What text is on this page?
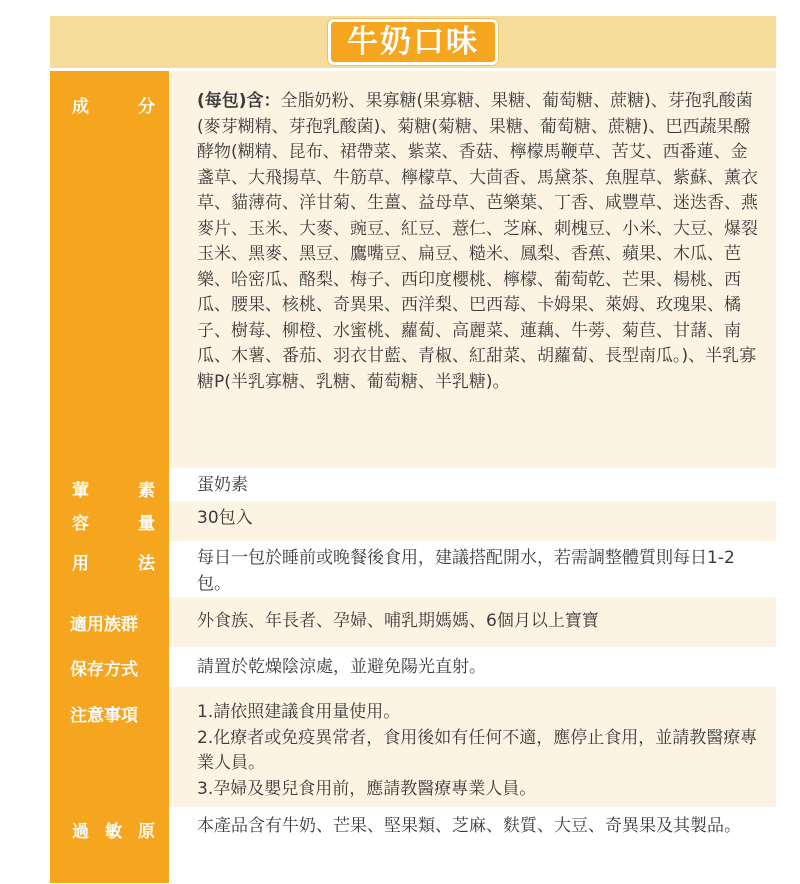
牛奶口味
成 分	(每包)含：全脂奶粉、果寡糖(果寡糖、果糖、葡萄糖、蔗糖)、芽孢乳酸菌(麥芽糊精、芽孢乳酸菌)、菊糖(菊糖、果糖、葡萄糖、蔗糖)、巴西蔬果醱酵物(糊精、昆布、裙帶菜、紫菜、香菇、檸檬馬鞭草、苦艾、西番蓮、金盞草、大飛揚草、牛筋草、檸檬草、大茴香、馬黛茶、魚腥草、紫蘇、薰衣草、貓薄荷、洋甘菊、生薑、益母草、芭樂葉、丁香、咸豐草、迷迭香、燕麥片、玉米、大麥、豌豆、紅豆、薏仁、芝麻、刺槐豆、小米、大豆、爆裂玉米、黑麥、黑豆、鷹嘴豆、扁豆、糙米、鳳梨、香蕉、蘋果、木瓜、芭樂、哈密瓜、酪梨、梅子、西印度櫻桃、檸檬、葡萄乾、芒果、楊桃、西瓜、腰果、核桃、奇異果、西洋梨、巴西莓、卡姆果、萊姆、玫瑰果、橘子、樹莓、柳橙、水蜜桃、蘿蔔、高麗菜、蓮藕、牛蒡、菊苣、甘藷、南瓜、木薯、番茄、羽衣甘藍、青椒、紅甜菜、胡蘿蔔、長型南瓜。)、半乳寡糖P(半乳寡糖、乳糖、葡萄糖、半乳糖)。

葷 素	蛋奶素

容 量	30包入

用 法	每日一包於睡前或晚餐後食用，建議搭配開水，若需調整體質則每日1-2包。

適用族群	外食族、年長者、孕婦、哺乳期媽媽、6個月以上寶寶

保存方式	請置於乾燥陰涼處，並避免陽光直射。

注意事項	1.請依照建議食用量使用。
2.化療者或免疫異常者，食用後如有任何不適，應停止食用，並請教醫療專業人員。
3.孕婦及嬰兒食用前，應請教醫療專業人員。

過 敏 原	本產品含有牛奶、芒果、堅果類、芝麻、麩質、大豆、奇異果及其製品。
